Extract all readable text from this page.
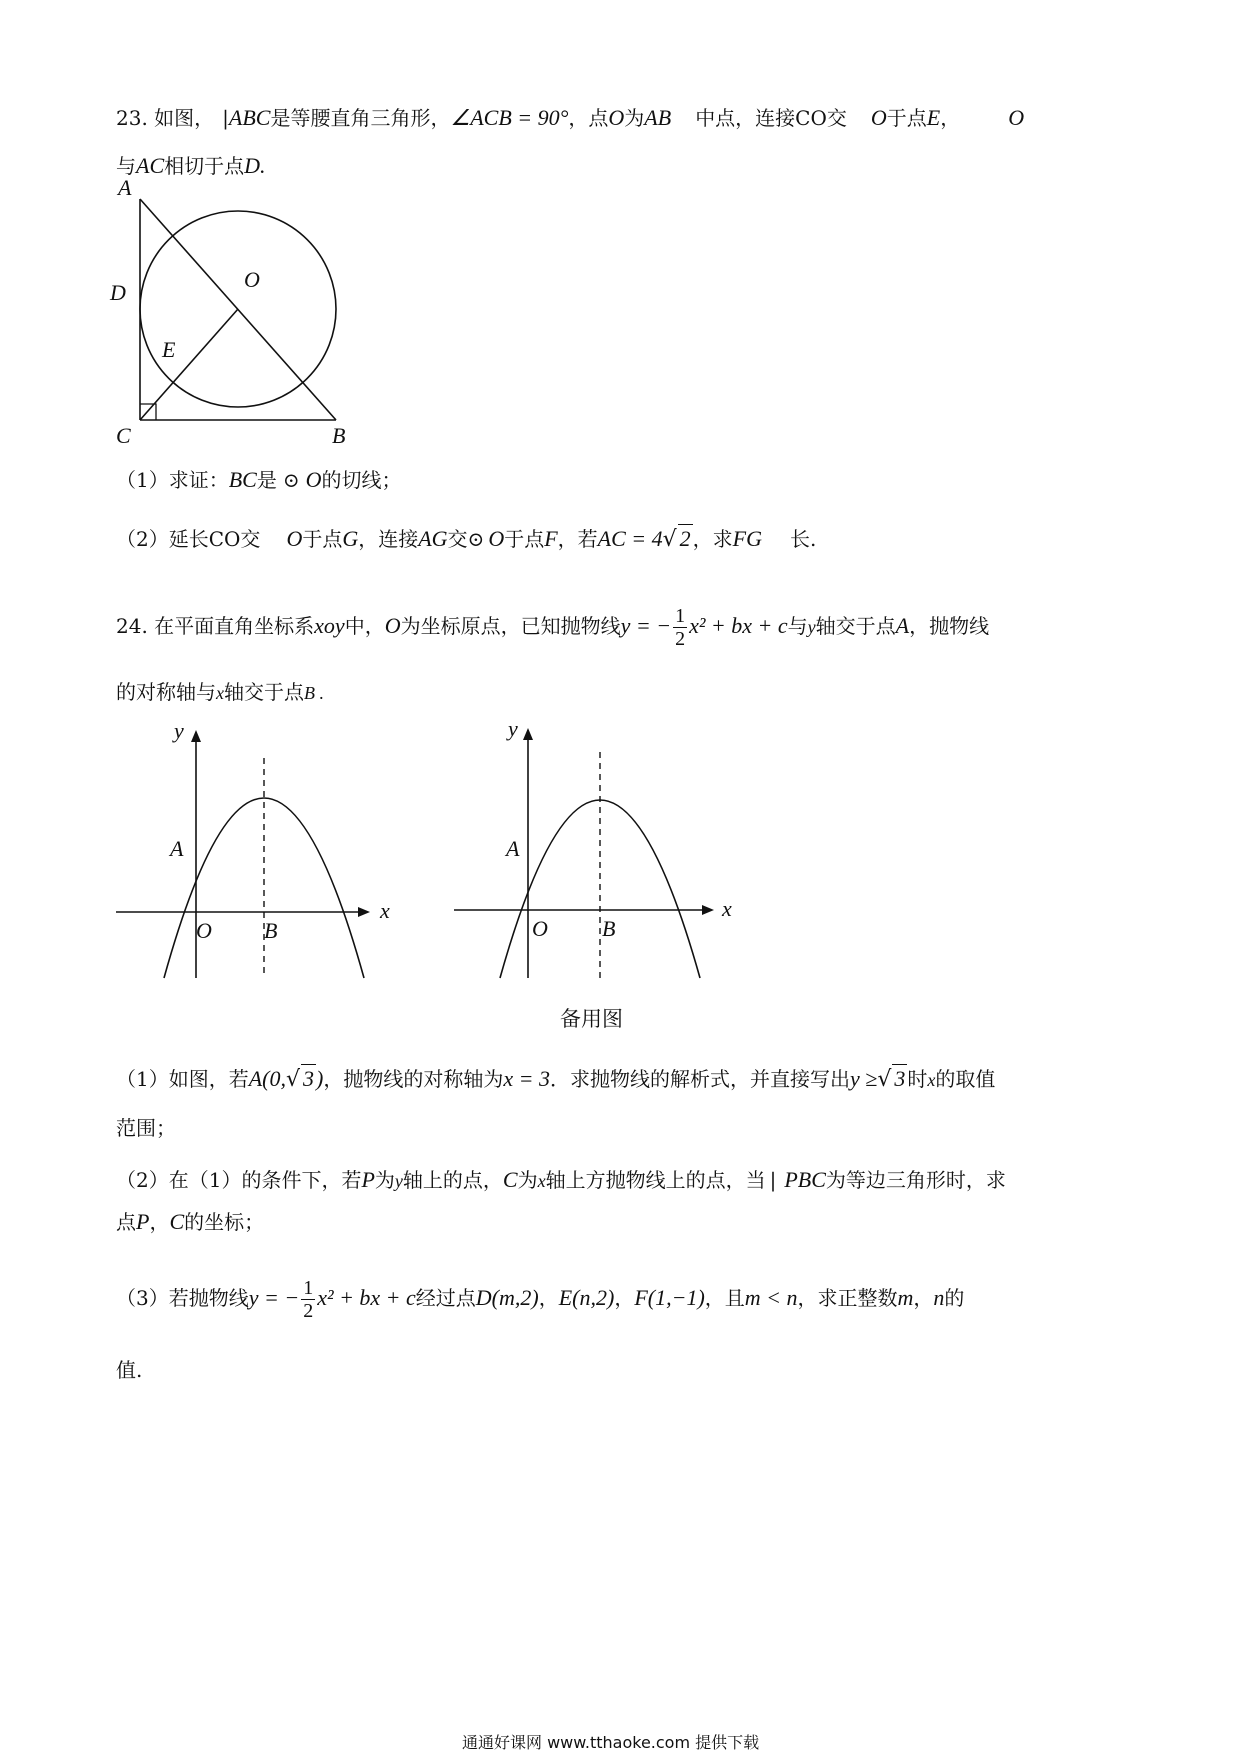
23. 如图， |ABC是等腰直角三角形，∠ACB = 90°，点O为AB 中点，连接CO交 O于点E， O
与AC相切于点D.
A
D
O
E
C	B
（1）求证：BC是 ⊙ O的切线；
（2）延长CO交 O于点G，连接AG交⊙ O于点F，若AC = 4√ 2 ，求FG 长.
24. 在平面直角坐标系xoy中，O为坐标原点，已知抛物线y = − $\frac{1}{2} x^2$ + bx + c与y轴交于点A，抛物线
的对称轴与x轴交于点B .
y
x
A
O B
y
x
A
O B
备用图
（1）如图，若A(0,√ 3)，抛物线的对称轴为x = 3．求抛物线的解析式，并直接写出y ≥√ 3 时x的取值
范围；
（2）在（1）的条件下，若P为y轴上的点，C为x轴上方抛物线上的点，当 | PBC为等边三角形时，求
点P，C的坐标；
（3）若抛物线y = − $\frac{1}{2} x^2$ + bx + c经过点D(m,2)，E(n,2)，F(1,−1)，且m < n，求正整数m，n的
值.
通通好课网 www.tthaoke.com 提供下载
